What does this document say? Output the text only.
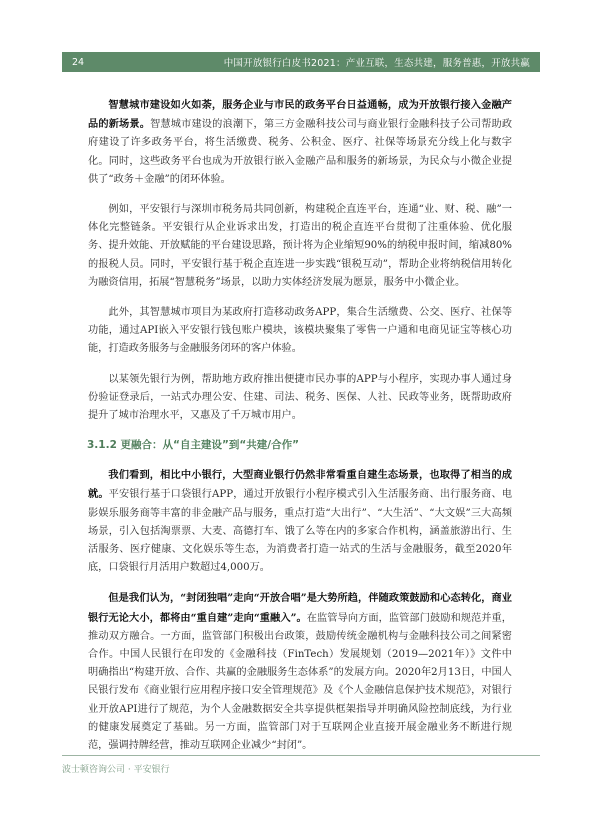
24	中国开放银行白皮书2021：产业互联，生态共建，服务普惠，开放共赢

智慧城市建设如火如荼，服务企业与市民的政务平台日益通畅，成为开放银行接入金融产品的新场景。智慧城市建设的浪潮下，第三方金融科技公司与商业银行金融科技子公司帮助政府建设了许多政务平台，将生活缴费、税务、公积金、医疗、社保等场景充分线上化与数字化。同时，这些政务平台也成为开放银行嵌入金融产品和服务的新场景，为民众与小微企业提供了“政务＋金融”的闭环体验。

例如，平安银行与深圳市税务局共同创新，构建税企直连平台，连通“业、财、税、融”一体化完整链条。平安银行从企业诉求出发，打造出的税企直连平台贯彻了注重体验、优化服务、提升效能、开放赋能的平台建设思路，预计将为企业缩短90%的纳税申报时间，缩减80%的报税人员。同时，平安银行基于税企直连进一步实践“银税互动”，帮助企业将纳税信用转化为融资信用，拓展“智慧税务”场景，以助力实体经济发展为愿景，服务中小微企业。

此外，其智慧城市项目为某政府打造移动政务APP，集合生活缴费、公交、医疗、社保等功能，通过API嵌入平安银行钱包账户模块，该模块聚集了零售一户通和电商见证宝等核心功能，打造政务服务与金融服务闭环的客户体验。

以某领先银行为例，帮助地方政府推出便捷市民办事的APP与小程序，实现办事人通过身份验证登录后，一站式办理公安、住建、司法、税务、医保、人社、民政等业务，既帮助政府提升了城市治理水平，又惠及了千万城市用户。

3.1.2 更融合：从“自主建设”到“共建/合作”

我们看到，相比中小银行，大型商业银行仍然非常看重自建生态场景，也取得了相当的成就。平安银行基于口袋银行APP，通过开放银行小程序模式引入生活服务商、出行服务商、电影娱乐服务商等丰富的非金融产品与服务，重点打造“大出行”、“大生活”、“大文娱”三大高频场景，引入包括淘票票、大麦、高德打车、饿了么等在内的多家合作机构，涵盖旅游出行、生活服务、医疗健康、文化娱乐等生态，为消费者打造一站式的生活与金融服务，截至2020年底，口袋银行月活用户数超过4,000万。

但是我们认为，“封闭独唱”走向“开放合唱”是大势所趋，伴随政策鼓励和心态转化，商业银行无论大小，都将由“重自建”走向“重融入”。在监管导向方面，监管部门鼓励和规范并重，推动双方融合。一方面，监管部门积极出台政策，鼓励传统金融机构与金融科技公司之间紧密合作。中国人民银行在印发的《金融科技（FinTech）发展规划（2019—2021年）》文件中明确指出“构建开放、合作、共赢的金融服务生态体系”的发展方向。2020年2月13日，中国人民银行发布《商业银行应用程序接口安全管理规范》及《个人金融信息保护技术规范》，对银行业开放API进行了规范，为个人金融数据安全共享提供框架指导并明确风险控制底线，为行业的健康发展奠定了基础。另一方面，监管部门对于互联网企业直接开展金融业务不断进行规范，强调持牌经营，推动互联网企业减少“封闭”。

波士顿咨询公司 · 平安银行
